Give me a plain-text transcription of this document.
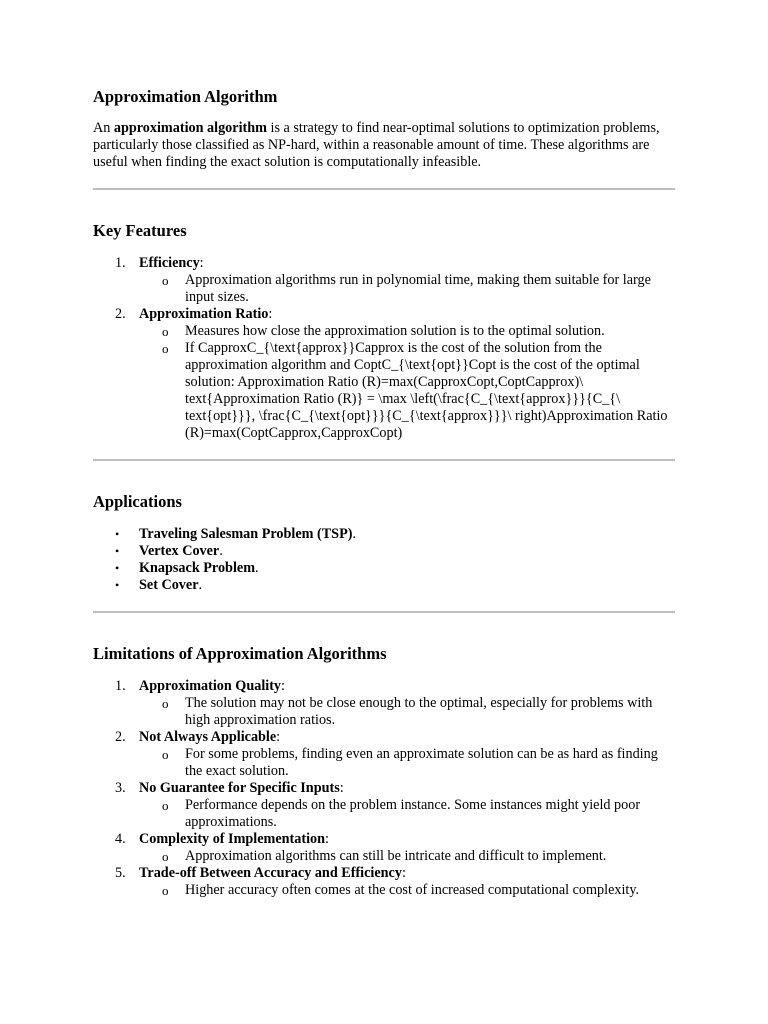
Approximation Algorithm

An approximation algorithm is a strategy to find near-optimal solutions to optimization problems, particularly those classified as NP-hard, within a reasonable amount of time. These algorithms are useful when finding the exact solution is computationally infeasible.

Key Features
1. Efficiency:
o Approximation algorithms run in polynomial time, making them suitable for large input sizes.
2. Approximation Ratio:
o Measures how close the approximation solution is to the optimal solution.
o If CapproxC_{\text{approx}}Capprox is the cost of the solution from the approximation algorithm and CoptC_{\text{opt}}Copt is the cost of the optimal solution: Approximation Ratio (R)=max(CapproxCopt,CoptCapprox)\ text{Approximation Ratio (R)} = \max \left(\frac{C_{\text{approx}}}{C_{\ text{opt}}}, \frac{C_{\text{opt}}}{C_{\text{approx}}}\ right)Approximation Ratio (R)=max(CoptCapprox,CapproxCopt)
Applications
• Traveling Salesman Problem (TSP).
• Vertex Cover.
• Knapsack Problem.
• Set Cover.
Limitations of Approximation Algorithms
1. Approximation Quality:
o The solution may not be close enough to the optimal, especially for problems with high approximation ratios.
2. Not Always Applicable:
o For some problems, finding even an approximate solution can be as hard as finding the exact solution.
3. No Guarantee for Specific Inputs:
o Performance depends on the problem instance. Some instances might yield poor approximations.
4. Complexity of Implementation:
o Approximation algorithms can still be intricate and difficult to implement.
5. Trade-off Between Accuracy and Efficiency:
o Higher accuracy often comes at the cost of increased computational complexity.
